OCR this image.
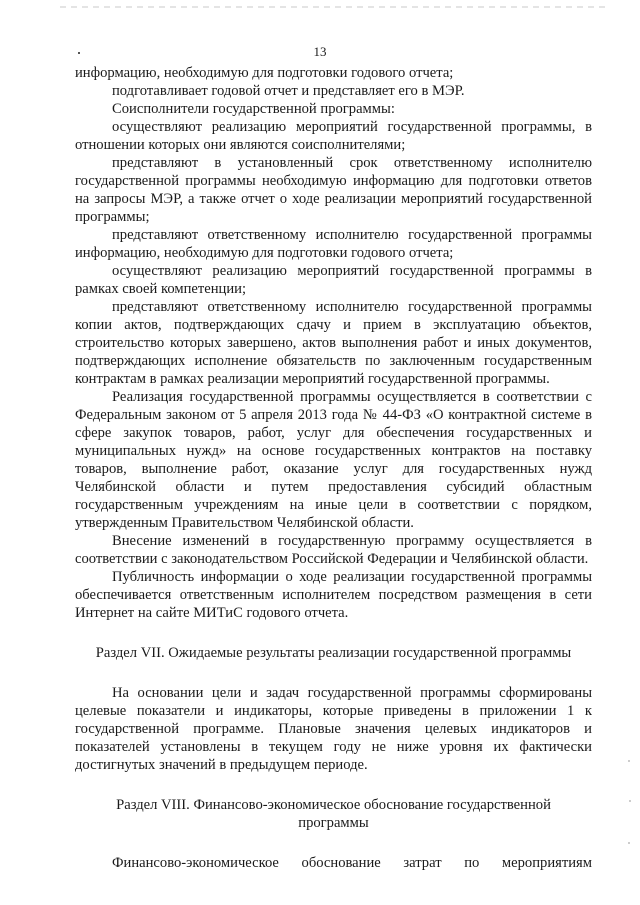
13

информацию, необходимую для подготовки годового отчета;

подготавливает годовой отчет и представляет его в МЭР.

Соисполнители государственной программы:

осуществляют реализацию мероприятий государственной программы, в отношении которых они являются соисполнителями;

представляют в установленный срок ответственному исполнителю государственной программы необходимую информацию для подготовки ответов на запросы МЭР, а также отчет о ходе реализации мероприятий государственной программы;

представляют ответственному исполнителю государственной программы информацию, необходимую для подготовки годового отчета;

осуществляют реализацию мероприятий государственной программы в рамках своей компетенции;

представляют ответственному исполнителю государственной программы копии актов, подтверждающих сдачу и прием в эксплуатацию объектов, строительство которых завершено, актов выполнения работ и иных документов, подтверждающих исполнение обязательств по заключенным государственным контрактам в рамках реализации мероприятий государственной программы.

Реализация государственной программы осуществляется в соответствии с Федеральным законом от 5 апреля 2013 года № 44-ФЗ «О контрактной системе в сфере закупок товаров, работ, услуг для обеспечения государственных и муниципальных нужд» на основе государственных контрактов на поставку товаров, выполнение работ, оказание услуг для государственных нужд Челябинской области и путем предоставления субсидий областным государственным учреждениям на иные цели в соответствии с порядком, утвержденным Правительством Челябинской области.

Внесение изменений в государственную программу осуществляется в соответствии с законодательством Российской Федерации и Челябинской области.

Публичность информации о ходе реализации государственной программы обеспечивается ответственным исполнителем посредством размещения в сети Интернет на сайте МИТиС годового отчета.

Раздел VII. Ожидаемые результаты реализации государственной программы

На основании цели и задач государственной программы сформированы целевые показатели и индикаторы, которые приведены в приложении 1 к государственной программе. Плановые значения целевых индикаторов и показателей установлены в текущем году не ниже уровня их фактически достигнутых значений в предыдущем периоде.

Раздел VIII. Финансово-экономическое обоснование государственной

программы

Финансово-экономическое обоснование затрат по мероприятиям
